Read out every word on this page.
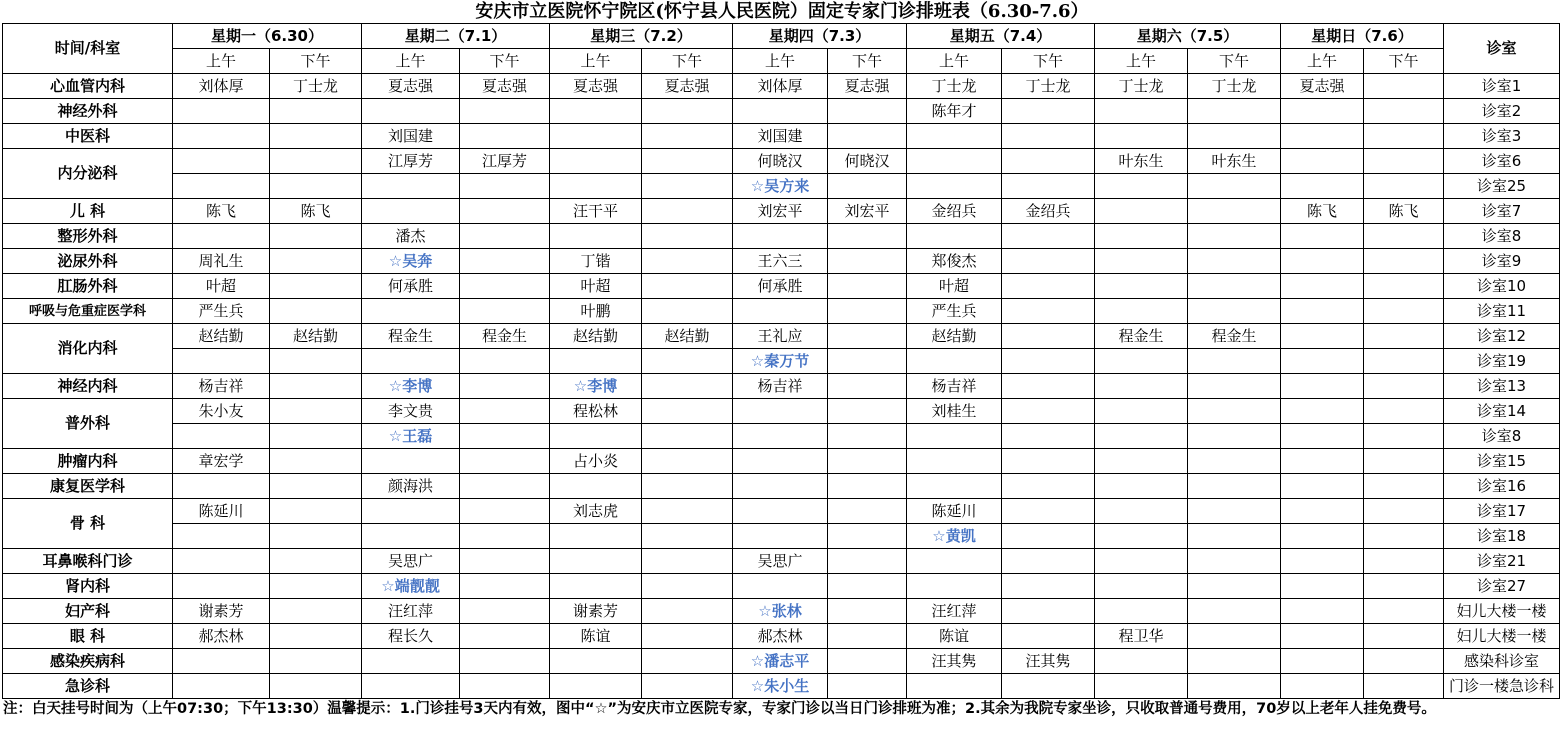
安庆市立医院怀宁院区(怀宁县人民医院）固定专家门诊排班表（6.30-7.6）
时间/科室	星期一（6.30）		星期二（7.1）		星期三（7.2）		星期四（7.3）		星期五（7.4）		星期六（7.5）		星期日（7.6）		诊室
	上午	下午	上午	下午	上午	下午	上午	下午	上午	下午	上午	下午	上午	下午	
心血管内科	刘体厚	丁士龙	夏志强	夏志强	夏志强	夏志强	刘体厚	夏志强	丁士龙	丁士龙	丁士龙	丁士龙	夏志强		诊室1
神经外科									陈年才						诊室2
中医科			刘国建				刘国建								诊室3
内分泌科			江厚芳	江厚芳			何晓汉	何晓汉			叶东生	叶东生			诊室6
							☆吴方来								诊室25
儿 科	陈飞	陈飞			汪干平		刘宏平	刘宏平	金绍兵	金绍兵			陈飞	陈飞	诊室7
整形外科			潘杰												诊室8
泌尿外科	周礼生		☆吴奔		丁锴		王六三		郑俊杰						诊室9
肛肠外科	叶超		何承胜		叶超		何承胜		叶超						诊室10
呼吸与危重症医学科	严生兵				叶鹏				严生兵						诊室11
消化内科	赵结勤	赵结勤	程金生	程金生	赵结勤	赵结勤	王礼应		赵结勤		程金生	程金生			诊室12
							☆秦万节								诊室19
神经内科	杨吉祥		☆李博		☆李博		杨吉祥		杨吉祥						诊室13
普外科	朱小友		李文贵		程松林				刘桂生						诊室14
			☆王磊												诊室8
肿瘤内科	章宏学				占小炎										诊室15
康复医学科			颜海洪												诊室16
骨 科	陈延川				刘志虎				陈延川						诊室17
									☆黄凯						诊室18
耳鼻喉科门诊			吴思广				吴思广								诊室21
肾内科			☆端靓靓												诊室27
妇产科	谢素芳		汪红萍		谢素芳		☆张林		汪红萍						妇儿大楼一楼
眼 科	郝杰林		程长久		陈谊		郝杰林		陈谊		程卫华				妇儿大楼一楼
感染疾病科							☆潘志平		汪其隽	汪其隽					感染科诊室
急诊科							☆朱小生								门诊一楼急诊科
注：白天挂号时间为（上午07:30；下午13:30）温馨提示：1.门诊挂号3天内有效，图中“☆”为安庆市立医院专家，专家门诊以当日门诊排班为准；2.其余为我院专家坐诊，只收取普通号费用，70岁以上老年人挂免费号。
